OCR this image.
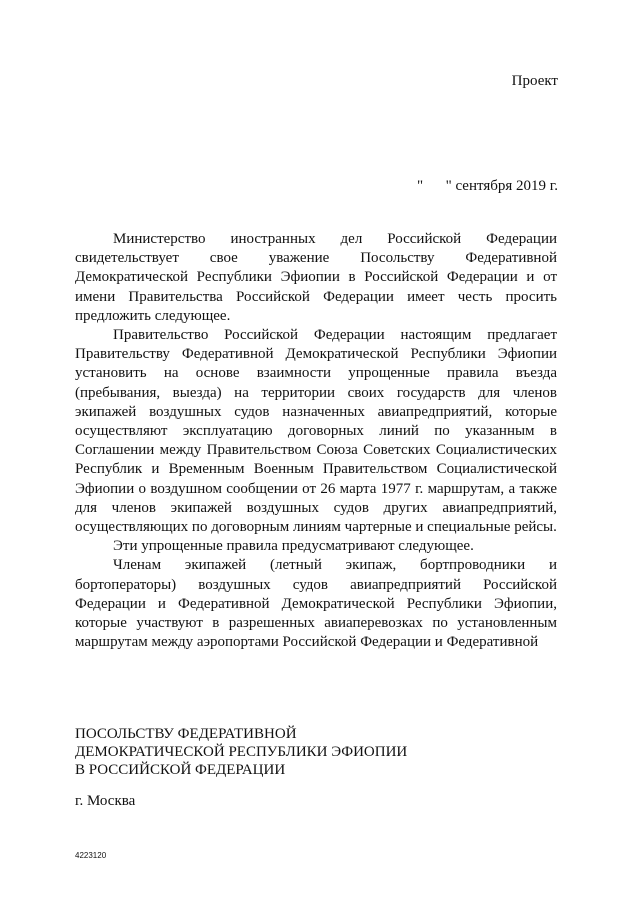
Проект
"      " сентября 2019 г.

Министерство иностранных дел Российской Федерации свидетельствует свое уважение Посольству Федеративной Демократической Республики Эфиопии в Российской Федерации и от имени Правительства Российской Федерации имеет честь просить предложить следующее.

Правительство Российской Федерации настоящим предлагает Правительству Федеративной Демократической Республики Эфиопии установить на основе взаимности упрощенные правила въезда (пребывания, выезда) на территории своих государств для членов экипажей воздушных судов назначенных авиапредприятий, которые осуществляют эксплуатацию договорных линий по указанным в Соглашении между Правительством Союза Советских Социалистических Республик и Временным Военным Правительством Социалистической Эфиопии о воздушном сообщении от 26 марта 1977 г. маршрутам, а также для членов экипажей воздушных судов других авиапредприятий, осуществляющих по договорным линиям чартерные и специальные рейсы.

Эти упрощенные правила предусматривают следующее.

Членам экипажей (летный экипаж, бортпроводники и бортоператоры) воздушных судов авиапредприятий Российской Федерации и Федеративной Демократической Республики Эфиопии, которые участвуют в разрешенных авиаперевозках по установленным маршрутам между аэропортами Российской Федерации и Федеративной

ПОСОЛЬСТВУ ФЕДЕРАТИВНОЙ
ДЕМОКРАТИЧЕСКОЙ РЕСПУБЛИКИ ЭФИОПИИ
В РОССИЙСКОЙ ФЕДЕРАЦИИ
г. Москва
4223120
